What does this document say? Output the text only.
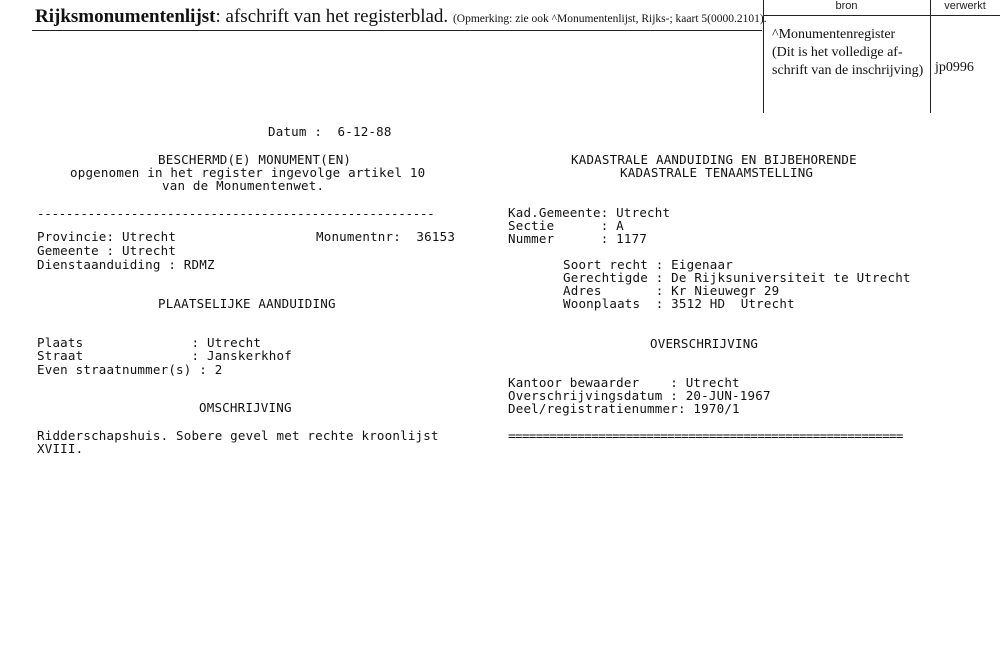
Rijksmonumentenlijst: afschrift van het registerblad. (Opmerking: zie ook ^Monumentenlijst, Rijks-; kaart 5(0000.2101).
bron	verwerkt
^Monumentenregister
(Dit is het volledige af-
schrift van de inschrijving) jp0996
Datum :  6-12-88
BESCHERMD(E) MONUMENT(EN)
opgenomen in het register ingevolge artikel 10
van de Monumentenwet.
-------------------------------------------------------
Provincie: Utrecht	Monumentnr:  36153
Gemeente : Utrecht
Dienstaanduiding : RDMZ
PLAATSELIJKE AANDUIDING
Plaats              : Utrecht
Straat              : Janskerkhof
Even straatnummer(s) : 2
OMSCHRIJVING
Ridderschapshuis. Sobere gevel met rechte kroonlijst
XVIII.
KADASTRALE AANDUIDING EN BIJBEHORENDE
KADASTRALE TENAAMSTELLING
Kad.Gemeente: Utrecht
Sectie      : A
Nummer      : 1177
Soort recht : Eigenaar
Gerechtigde : De Rijksuniversiteit te Utrecht
Adres       : Kr Nieuwegr 29
Woonplaats  : 3512 HD  Utrecht
OVERSCHRIJVING
Kantoor bewaarder    : Utrecht
Overschrijvingsdatum : 20-JUN-1967
Deel/registratienummer: 1970/1
=========================================================
